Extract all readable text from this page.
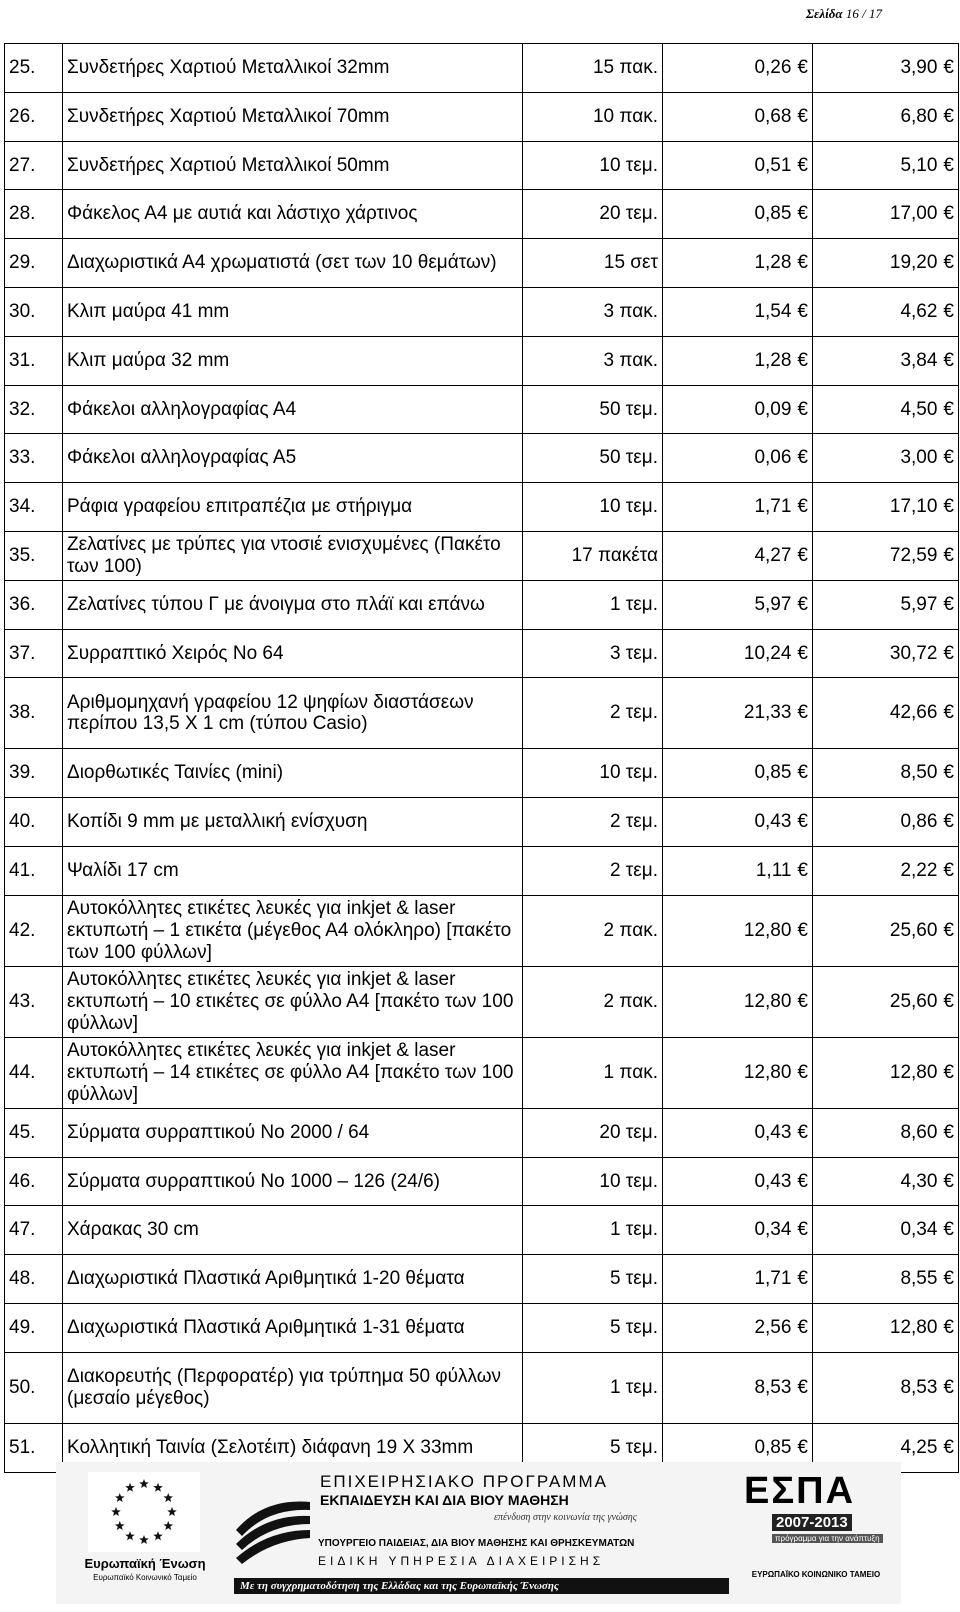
Σελίδα 16 / 17
25.	Συνδετήρες Χαρτιού Μεταλλικοί 32mm	15 πακ.	0,26 €	3,90 €
26.	Συνδετήρες Χαρτιού Μεταλλικοί 70mm	10 πακ.	0,68 €	6,80 €
27.	Συνδετήρες Χαρτιού Μεταλλικοί 50mm	10 τεμ.	0,51 €	5,10 €
28.	Φάκελος Α4 με αυτιά και λάστιχο χάρτινος	20 τεμ.	0,85 €	17,00 €
29.	Διαχωριστικά Α4 χρωματιστά (σετ των 10 θεμάτων)	15 σετ	1,28 €	19,20 €
30.	Κλιπ μαύρα 41 mm	3 πακ.	1,54 €	4,62 €
31.	Κλιπ μαύρα 32 mm	3 πακ.	1,28 €	3,84 €
32.	Φάκελοι αλληλογραφίας Α4	50 τεμ.	0,09 €	4,50 €
33.	Φάκελοι αλληλογραφίας Α5	50 τεμ.	0,06 €	3,00 €
34.	Ράφια γραφείου επιτραπέζια με στήριγμα	10 τεμ.	1,71 €	17,10 €
35.	Ζελατίνες με τρύπες για ντοσιέ ενισχυμένες (Πακέτο των 100)	17 πακέτα	4,27 €	72,59 €
36.	Ζελατίνες τύπου Γ με άνοιγμα στο πλάϊ και επάνω	1 τεμ.	5,97 €	5,97 €
37.	Συρραπτικό Χειρός Νο 64	3 τεμ.	10,24 €	30,72 €
38.	Αριθμομηχανή γραφείου 12 ψηφίων διαστάσεων περίπου 13,5 Χ 1 cm (τύπου Casio)	2 τεμ.	21,33 €	42,66 €
39.	Διορθωτικές Ταινίες (mini)	10 τεμ.	0,85 €	8,50 €
40.	Κοπίδι 9 mm με μεταλλική ενίσχυση	2 τεμ.	0,43 €	0,86 €
41.	Ψαλίδι 17 cm	2 τεμ.	1,11 €	2,22 €
42.	Αυτοκόλλητες ετικέτες λευκές για inkjet & laser εκτυπωτή – 1 ετικέτα (μέγεθος Α4 ολόκληρο) [πακέτο των 100 φύλλων]	2 πακ.	12,80 €	25,60 €
43.	Αυτοκόλλητες ετικέτες λευκές για inkjet & laser εκτυπωτή – 10 ετικέτες σε φύλλο Α4 [πακέτο των 100 φύλλων]	2 πακ.	12,80 €	25,60 €
44.	Αυτοκόλλητες ετικέτες λευκές για inkjet & laser εκτυπωτή – 14 ετικέτες σε φύλλο Α4 [πακέτο των 100 φύλλων]	1 πακ.	12,80 €	12,80 €
45.	Σύρματα συρραπτικού Νο 2000 / 64	20 τεμ.	0,43 €	8,60 €
46.	Σύρματα συρραπτικού Νο 1000 – 126 (24/6)	10 τεμ.	0,43 €	4,30 €
47.	Χάρακας 30 cm	1 τεμ.	0,34 €	0,34 €
48.	Διαχωριστικά Πλαστικά Αριθμητικά 1-20 θέματα	5 τεμ.	1,71 €	8,55 €
49.	Διαχωριστικά Πλαστικά Αριθμητικά 1-31 θέματα	5 τεμ.	2,56 €	12,80 €
50.	Διακορευτής (Περφορατέρ) για τρύπημα 50 φύλλων (μεσαίο μέγεθος)	1 τεμ.	8,53 €	8,53 €
51.	Κολλητική Ταινία (Σελοτέιπ) διάφανη 19 Χ 33mm	5 τεμ.	0,85 €	4,25 €
Ευρωπαϊκή Ένωση
Ευρωπαϊκό Κοινωνικό Ταμείο
ΕΠΙΧΕΙΡΗΣΙΑΚΟ ΠΡΟΓΡΑΜΜΑ
ΕΚΠΑΙΔΕΥΣΗ ΚΑΙ ΔΙΑ ΒΙΟΥ ΜΑΘΗΣΗ
επένδυση στην κοινωνία της γνώσης
ΥΠΟΥΡΓΕΙΟ ΠΑΙΔΕΙΑΣ, ΔΙΑ ΒΙΟΥ ΜΑΘΗΣΗΣ ΚΑΙ ΘΡΗΣΚΕΥΜΑΤΩΝ
ΕΙΔΙΚΗ ΥΠΗΡΕΣΙΑ ΔΙΑΧΕΙΡΙΣΗΣ
Με τη συγχρηματοδότηση της Ελλάδας και της Ευρωπαϊκής Ένωσης
ΕΣΠΑ
2007-2013
πρόγραμμα για την ανάπτυξη
ΕΥΡΩΠΑΪΚΟ ΚΟΙΝΩΝΙΚΟ ΤΑΜΕΙΟ
